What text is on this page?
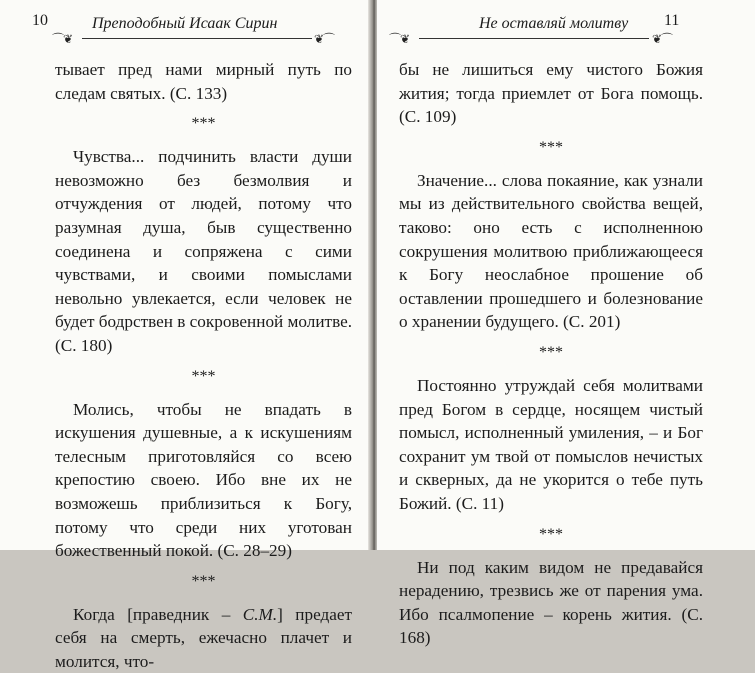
10
⌒❦
Преподобный Исаак Сирин
❦⌒

тывает пред нами мирный путь по следам святых. (С. 133)

***

Чувства... подчинить власти души невозможно без безмолвия и отчуждения от людей, потому что разумная душа, быв существенно соединена и сопряжена с сими чувствами, и своими помыслами невольно увлекается, если человек не будет бодрствен в сокровенной молитве. (С. 180)

***

Молись, чтобы не впадать в искушения душевные, а к искушениям телесным приготовляйся со всею крепостию своею. Ибо вне их не возможешь приблизиться к Богу, потому что среди них уготован божественный покой. (С. 28–29)

***

Когда [праведник – С.М.] предает себя на смерть, ежечасно плачет и молится, что-

⌒❦
Не оставляй молитву
❦⌒
11

бы не лишиться ему чистого Божия жития; тогда приемлет от Бога помощь. (С. 109)

***

Значение... слова покаяние, как узнали мы из действительного свойства вещей, таково: оно есть с исполненною сокрушения молитвою приближающееся к Богу неослабное прошение об оставлении прошедшего и болезнование о хранении будущего. (С. 201)

***

Постоянно утруждай себя молитвами пред Богом в сердце, носящем чистый помысл, исполненный умиления, – и Бог сохранит ум твой от помыслов нечистых и скверных, да не укорится о тебе путь Божий. (С. 11)

***

Ни под каким видом не предавайся нерадению, трезвись же от парения ума. Ибо псалмопение – корень жития. (С. 168)
